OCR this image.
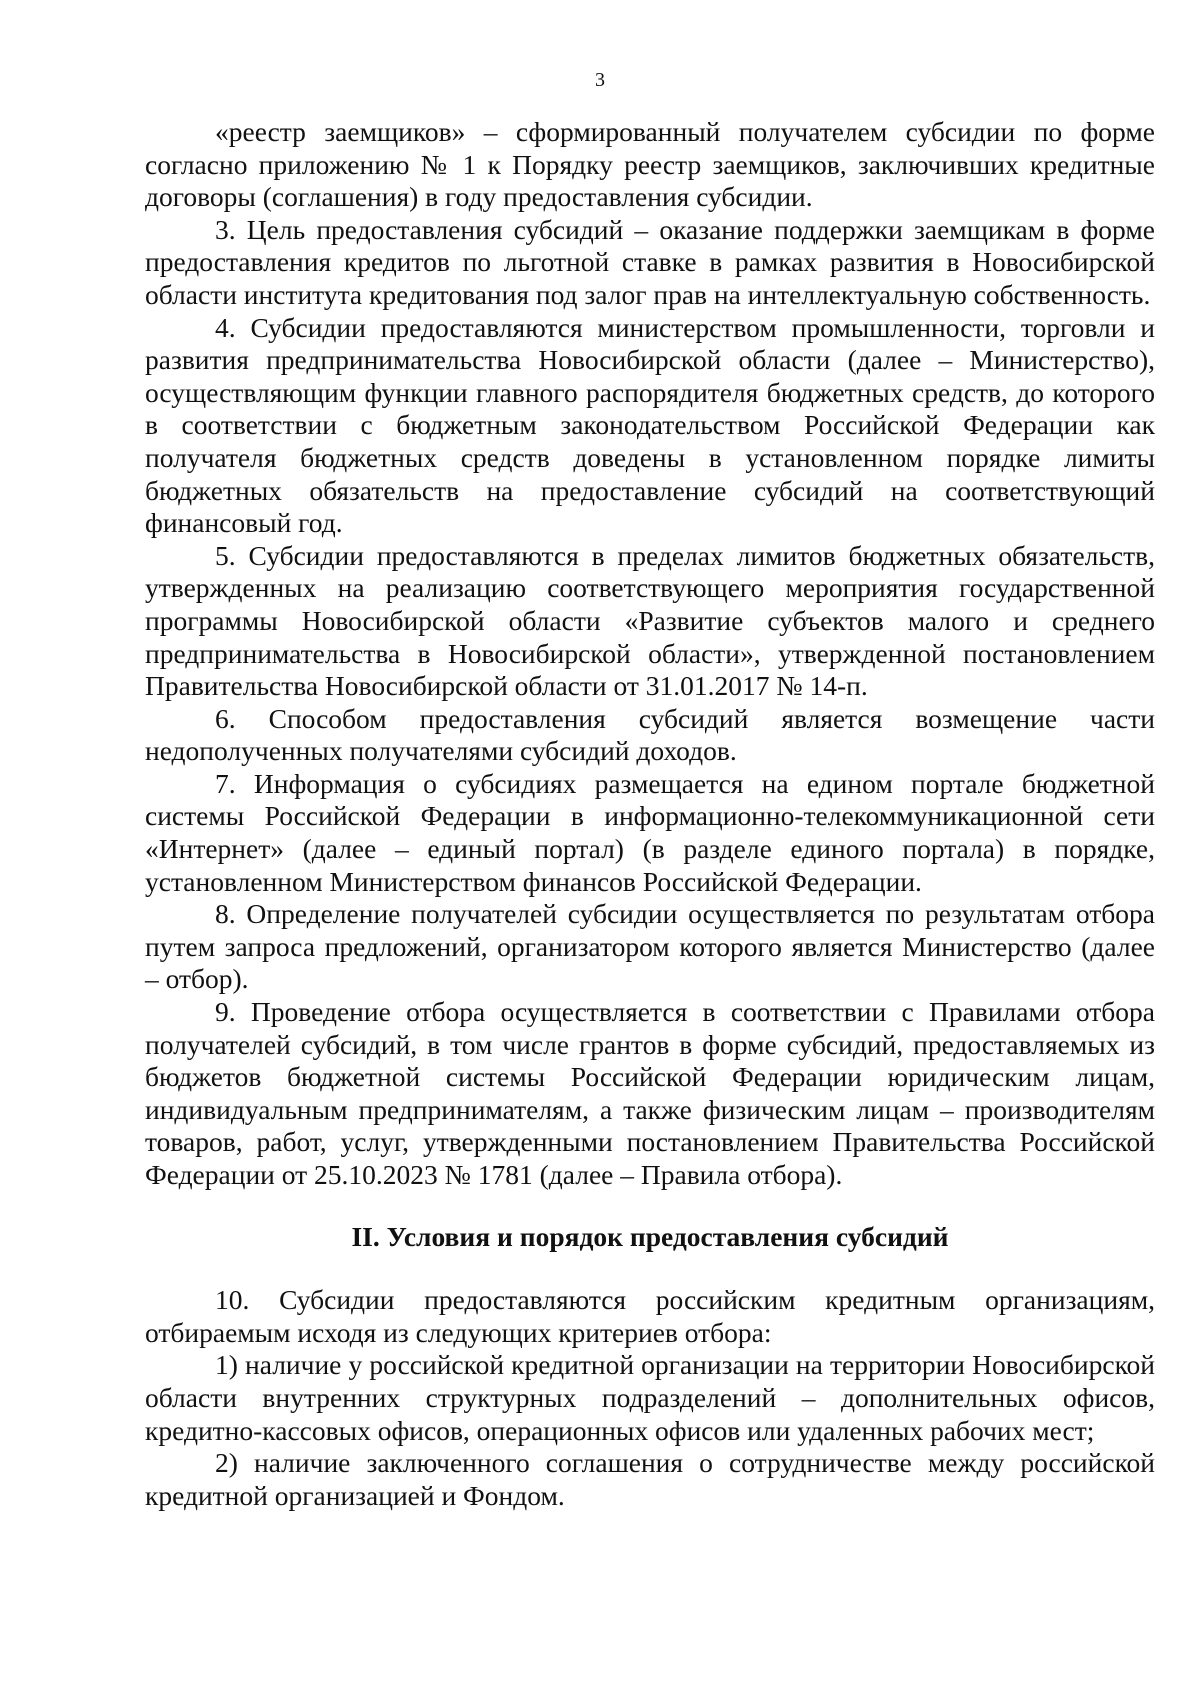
3

«реестр заемщиков» – сформированный получателем субсидии по форме согласно приложению № 1 к Порядку реестр заемщиков, заключивших кредитные договоры (соглашения) в году предоставления субсидии.

3. Цель предоставления субсидий – оказание поддержки заемщикам в форме предоставления кредитов по льготной ставке в рамках развития в Новосибирской области института кредитования под залог прав на интеллектуальную собственность.

4. Субсидии предоставляются министерством промышленности, торговли и развития предпринимательства Новосибирской области (далее – Министерство), осуществляющим функции главного распорядителя бюджетных средств, до которого в соответствии с бюджетным законодательством Российской Федерации как получателя бюджетных средств доведены в установленном порядке лимиты бюджетных обязательств на предоставление субсидий на соответствующий финансовый год.

5. Субсидии предоставляются в пределах лимитов бюджетных обязательств, утвержденных на реализацию соответствующего мероприятия государственной программы Новосибирской области «Развитие субъектов малого и среднего предпринимательства в Новосибирской области», утвержденной постановлением Правительства Новосибирской области от 31.01.2017 № 14-п.

6. Способом предоставления субсидий является возмещение части недополученных получателями субсидий доходов.

7. Информация о субсидиях размещается на едином портале бюджетной системы Российской Федерации в информационно-телекоммуникационной сети «Интернет» (далее – единый портал) (в разделе единого портала) в порядке, установленном Министерством финансов Российской Федерации.

8. Определение получателей субсидии осуществляется по результатам отбора путем запроса предложений, организатором которого является Министерство (далее – отбор).

9. Проведение отбора осуществляется в соответствии с Правилами отбора получателей субсидий, в том числе грантов в форме субсидий, предоставляемых из бюджетов бюджетной системы Российской Федерации юридическим лицам, индивидуальным предпринимателям, а также физическим лицам – производителям товаров, работ, услуг, утвержденными постановлением Правительства Российской Федерации от 25.10.2023 № 1781 (далее – Правила отбора).

II. Условия и порядок предоставления субсидий

10. Субсидии предоставляются российским кредитным организациям, отбираемым исходя из следующих критериев отбора:

1) наличие у российской кредитной организации на территории Новосибирской области внутренних структурных подразделений – дополнительных офисов, кредитно-кассовых офисов, операционных офисов или удаленных рабочих мест;

2) наличие заключенного соглашения о сотрудничестве между российской кредитной организацией и Фондом.
